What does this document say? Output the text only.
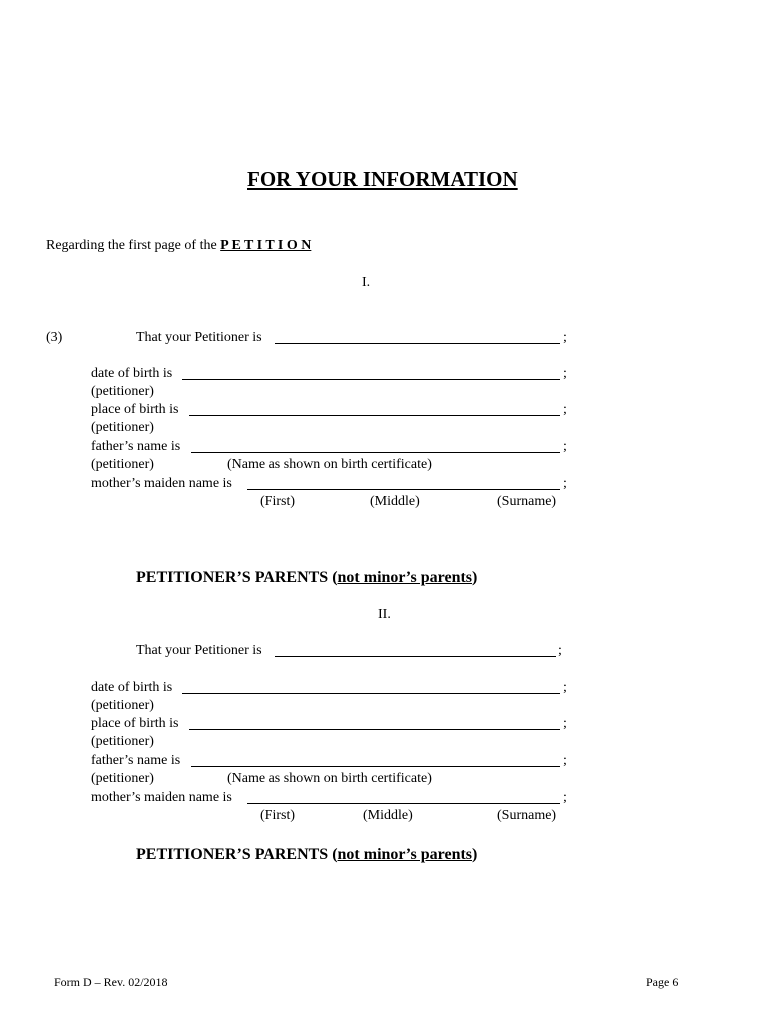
FOR YOUR INFORMATION
Regarding the first page of the P E T I T I O N
I.
(3)	That your Petitioner is	;
date of birth is	;
(petitioner)
place of birth is	;
(petitioner)
father’s name is	;
(petitioner)	(Name as shown on birth certificate)
mother’s maiden name is	;
(First)	(Middle)	(Surname)
PETITIONER’S PARENTS (not minor’s parents)
II.
That your Petitioner is	;
date of birth is	;
(petitioner)
place of birth is	;
(petitioner)
father’s name is	;
(petitioner)	(Name as shown on birth certificate)
mother’s maiden name is	;
(First)	(Middle)	(Surname)
PETITIONER’S PARENTS (not minor’s parents)
Form D – Rev. 02/2018	Page 6
